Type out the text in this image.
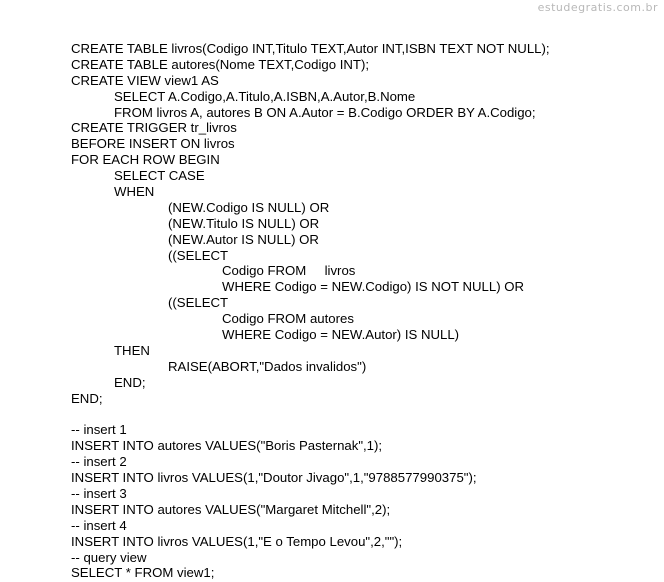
estudegratis.com.br
CREATE TABLE livros(Codigo INT,Titulo TEXT,Autor INT,ISBN TEXT NOT NULL);
CREATE TABLE autores(Nome TEXT,Codigo INT);
CREATE VIEW view1 AS
SELECT A.Codigo,A.Titulo,A.ISBN,A.Autor,B.Nome
FROM livros A, autores B ON A.Autor = B.Codigo ORDER BY A.Codigo;
CREATE TRIGGER tr_livros
BEFORE INSERT ON livros
FOR EACH ROW BEGIN
SELECT CASE
WHEN
(NEW.Codigo IS NULL) OR
(NEW.Titulo IS NULL) OR
(NEW.Autor IS NULL) OR
((SELECT
Codigo FROM     livros
WHERE Codigo = NEW.Codigo) IS NOT NULL) OR
((SELECT
Codigo FROM autores
WHERE Codigo = NEW.Autor) IS NULL)
THEN
RAISE(ABORT,"Dados invalidos")
END;
END;
-- insert 1
INSERT INTO autores VALUES("Boris Pasternak",1);
-- insert 2
INSERT INTO livros VALUES(1,"Doutor Jivago",1,"9788577990375");
-- insert 3
INSERT INTO autores VALUES("Margaret Mitchell",2);
-- insert 4
INSERT INTO livros VALUES(1,"E o Tempo Levou",2,"");
-- query view
SELECT * FROM view1;
